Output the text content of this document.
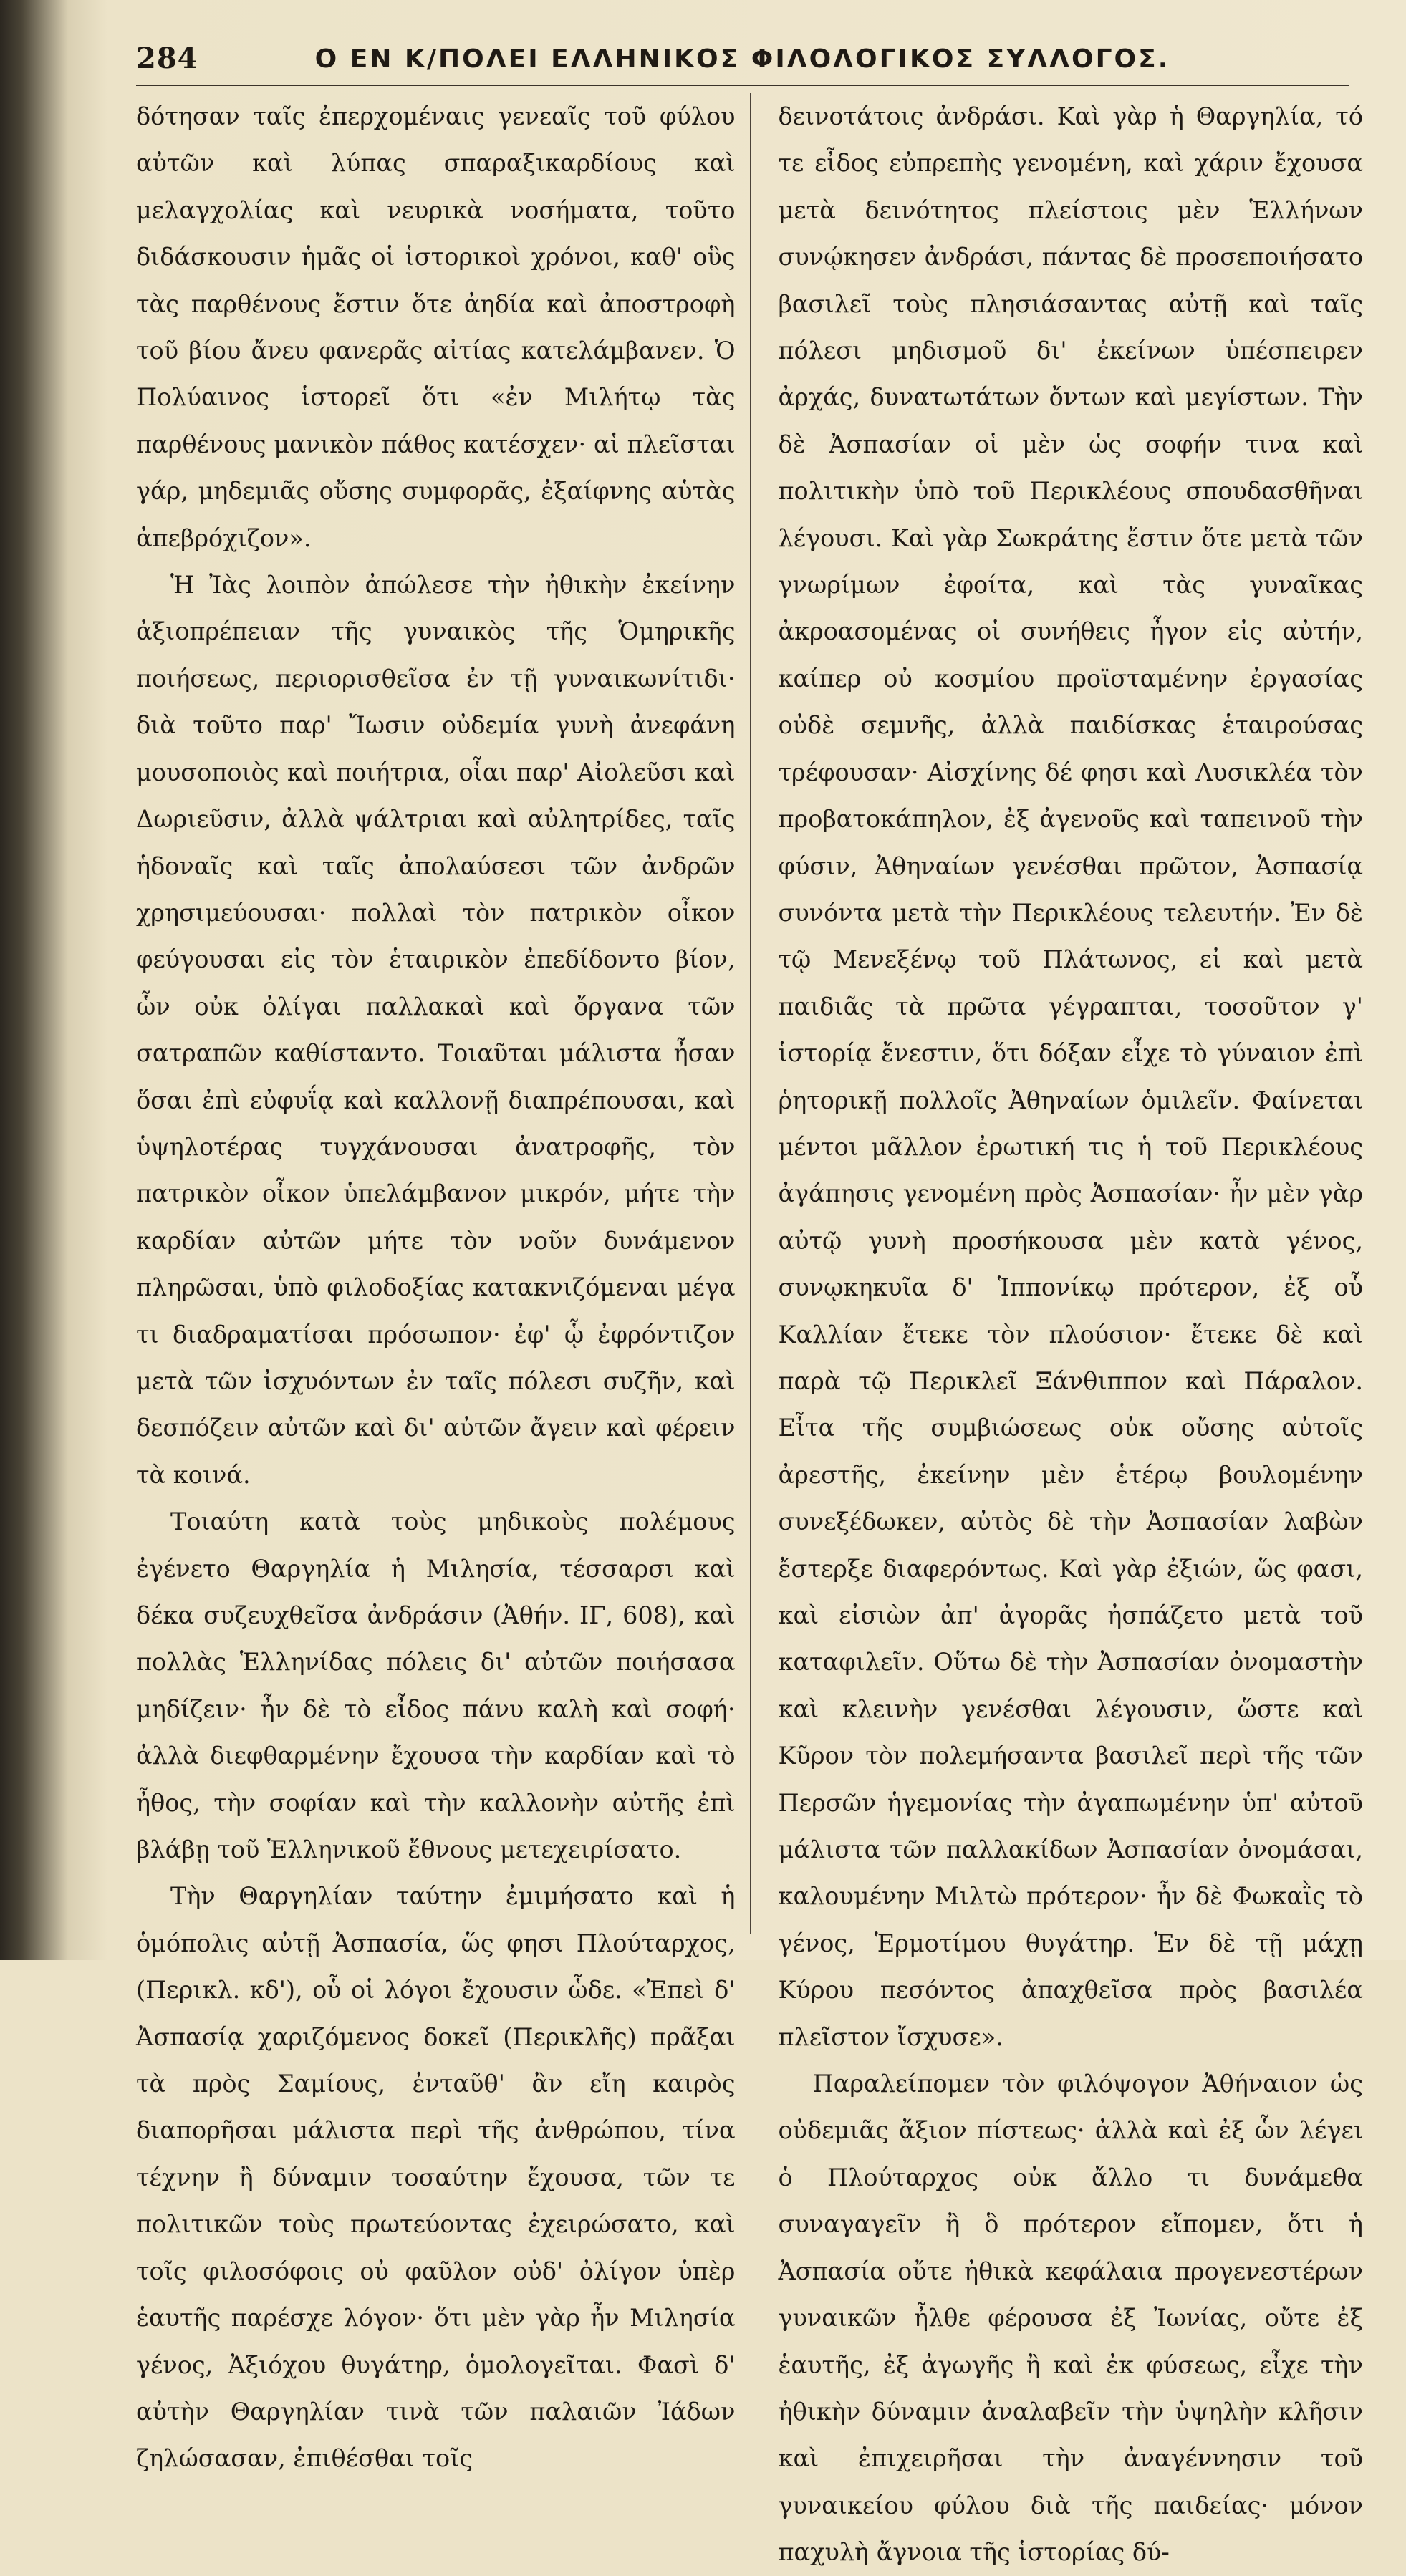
284	Ο ΕΝ Κ/ΠΟΛΕΙ ΕΛΛΗΝΙΚΟΣ ΦΙΛΟΛΟΓΙΚΟΣ ΣΥΛΛΟΓΟΣ.

δότησαν ταῖς ἐπερχομέναις γενεαῖς τοῦ φύλου αὐτῶν καὶ λύπας σπαραξικαρδίους καὶ μελαγχολίας καὶ νευρικὰ νοσήματα, τοῦτο διδάσκουσιν ἡμᾶς οἱ ἱστορικοὶ χρόνοι, καθ' οὓς τὰς παρθένους ἔστιν ὅτε ἀηδία καὶ ἀποστροφὴ τοῦ βίου ἄνευ φανερᾶς αἰτίας κατελάμβανεν. Ὁ Πολύαινος ἱστορεῖ ὅτι «ἐν Μιλήτῳ τὰς παρθένους μανικὸν πάθος κατέσχεν· αἱ πλεῖσται γάρ, μηδεμιᾶς οὔσης συμφορᾶς, ἐξαίφνης αὑτὰς ἀπεβρόχιζον».

Ἡ Ἰὰς λοιπὸν ἀπώλεσε τὴν ἠθικὴν ἐκείνην ἀξιοπρέπειαν τῆς γυναικὸς τῆς Ὁμηρικῆς ποιήσεως, περιορισθεῖσα ἐν τῇ γυναικωνίτιδι· διὰ τοῦτο παρ' Ἴωσιν οὐδεμία γυνὴ ἀνεφάνη μουσοποιὸς καὶ ποιήτρια, οἷαι παρ' Αἰολεῦσι καὶ Δωριεῦσιν, ἀλλὰ ψάλτριαι καὶ αὐλητρίδες, ταῖς ἡδοναῖς καὶ ταῖς ἀπολαύσεσι τῶν ἀνδρῶν χρησιμεύουσαι· πολλαὶ τὸν πατρικὸν οἶκον φεύγουσαι εἰς τὸν ἑταιρικὸν ἐπεδίδοντο βίον, ὧν οὐκ ὀλίγαι παλλακαὶ καὶ ὄργανα τῶν σατραπῶν καθίσταντο. Τοιαῦται μάλιστα ἦσαν ὅσαι ἐπὶ εὐφυΐᾳ καὶ καλλονῇ διαπρέπουσαι, καὶ ὑψηλοτέρας τυγχάνουσαι ἀνατροφῆς, τὸν πατρικὸν οἶκον ὑπελάμβανον μικρόν, μήτε τὴν καρδίαν αὐτῶν μήτε τὸν νοῦν δυνάμενον πληρῶσαι, ὑπὸ φιλοδοξίας κατακνιζόμεναι μέγα τι διαδραματίσαι πρόσωπον· ἐφ' ᾧ ἐφρόντιζον μετὰ τῶν ἰσχυόντων ἐν ταῖς πόλεσι συζῆν, καὶ δεσπόζειν αὐτῶν καὶ δι' αὐτῶν ἄγειν καὶ φέρειν τὰ κοινά.

Τοιαύτη κατὰ τοὺς μηδικοὺς πολέμους ἐγένετο Θαργηλία ἡ Μιλησία, τέσσαρσι καὶ δέκα συζευχθεῖσα ἀνδράσιν (Ἀθήν. ΙΓ, 608), καὶ πολλὰς Ἑλληνίδας πόλεις δι' αὐτῶν ποιήσασα μηδίζειν· ἦν δὲ τὸ εἶδος πάνυ καλὴ καὶ σοφή· ἀλλὰ διεφθαρμένην ἔχουσα τὴν καρδίαν καὶ τὸ ἦθος, τὴν σοφίαν καὶ τὴν καλλονὴν αὐτῆς ἐπὶ βλάβῃ τοῦ Ἑλληνικοῦ ἔθνους μετεχειρίσατο.

Τὴν Θαργηλίαν ταύτην ἐμιμήσατο καὶ ἡ ὁμόπολις αὐτῇ Ἀσπασία, ὥς φησι Πλούταρχος, (Περικλ. κδ'), οὗ οἱ λόγοι ἔχουσιν ὧδε. «Ἐπεὶ δ' Ἀσπασίᾳ χαριζόμενος δοκεῖ (Περικλῆς) πρᾶξαι τὰ πρὸς Σαμίους, ἐνταῦθ' ἂν εἴη καιρὸς διαπορῆσαι μάλιστα περὶ τῆς ἀνθρώπου, τίνα τέχνην ἢ δύναμιν τοσαύτην ἔχουσα, τῶν τε πολιτικῶν τοὺς πρωτεύοντας ἐχειρώσατο, καὶ τοῖς φιλοσόφοις οὐ φαῦλον οὐδ' ὀλίγον ὑπὲρ ἑαυτῆς παρέσχε λόγον· ὅτι μὲν γὰρ ἦν Μιλησία γένος, Ἀξιόχου θυγάτηρ, ὁμολογεῖται. Φασὶ δ' αὐτὴν Θαργηλίαν τινὰ τῶν παλαιῶν Ἰάδων ζηλώσασαν, ἐπιθέσθαι τοῖς

δεινοτάτοις ἀνδράσι. Καὶ γὰρ ἡ Θαργηλία, τό τε εἶδος εὐπρεπὴς γενομένη, καὶ χάριν ἔχουσα μετὰ δεινότητος πλείστοις μὲν Ἑλλήνων συνῴκησεν ἀνδράσι, πάντας δὲ προσεποιήσατο βασιλεῖ τοὺς πλησιάσαντας αὐτῇ καὶ ταῖς πόλεσι μηδισμοῦ δι' ἐκείνων ὑπέσπειρεν ἀρχάς, δυνατωτάτων ὄντων καὶ μεγίστων. Τὴν δὲ Ἀσπασίαν οἱ μὲν ὡς σοφήν τινα καὶ πολιτικὴν ὑπὸ τοῦ Περικλέους σπουδασθῆναι λέγουσι. Καὶ γὰρ Σωκράτης ἔστιν ὅτε μετὰ τῶν γνωρίμων ἐφοίτα, καὶ τὰς γυναῖκας ἀκροασομένας οἱ συνήθεις ἦγον εἰς αὐτήν, καίπερ οὐ κοσμίου προϊσταμένην ἐργασίας οὐδὲ σεμνῆς, ἀλλὰ παιδίσκας ἑταιρούσας τρέφουσαν· Αἰσχίνης δέ φησι καὶ Λυσικλέα τὸν προβατοκάπηλον, ἐξ ἀγενοῦς καὶ ταπεινοῦ τὴν φύσιν, Ἀθηναίων γενέσθαι πρῶτον, Ἀσπασίᾳ συνόντα μετὰ τὴν Περικλέους τελευτήν. Ἐν δὲ τῷ Μενεξένῳ τοῦ Πλάτωνος, εἰ καὶ μετὰ παιδιᾶς τὰ πρῶτα γέγραπται, τοσοῦτον γ' ἱστορίᾳ ἔνεστιν, ὅτι δόξαν εἶχε τὸ γύναιον ἐπὶ ῥητορικῇ πολλοῖς Ἀθηναίων ὁμιλεῖν. Φαίνεται μέντοι μᾶλλον ἐρωτική τις ἡ τοῦ Περικλέους ἀγάπησις γενομένη πρὸς Ἀσπασίαν· ἦν μὲν γὰρ αὐτῷ γυνὴ προσήκουσα μὲν κατὰ γένος, συνῳκηκυῖα δ' Ἱππονίκῳ πρότερον, ἐξ οὗ Καλλίαν ἔτεκε τὸν πλούσιον· ἔτεκε δὲ καὶ παρὰ τῷ Περικλεῖ Ξάνθιππον καὶ Πάραλον. Εἶτα τῆς συμβιώσεως οὐκ οὔσης αὐτοῖς ἀρεστῆς, ἐκείνην μὲν ἑτέρῳ βουλομένην συνεξέδωκεν, αὐτὸς δὲ τὴν Ἀσπασίαν λαβὼν ἔστερξε διαφερόντως. Καὶ γὰρ ἐξιών, ὥς φασι, καὶ εἰσιὼν ἀπ' ἀγορᾶς ἠσπάζετο μετὰ τοῦ καταφιλεῖν. Οὕτω δὲ τὴν Ἀσπασίαν ὀνομαστὴν καὶ κλεινὴν γενέσθαι λέγουσιν, ὥστε καὶ Κῦρον τὸν πολεμήσαντα βασιλεῖ περὶ τῆς τῶν Περσῶν ἡγεμονίας τὴν ἀγαπωμένην ὑπ' αὐτοῦ μάλιστα τῶν παλλακίδων Ἀσπασίαν ὀνομάσαι, καλουμένην Μιλτὼ πρότερον· ἦν δὲ Φωκαῒς τὸ γένος, Ἑρμοτίμου θυγάτηρ. Ἐν δὲ τῇ μάχῃ Κύρου πεσόντος ἀπαχθεῖσα πρὸς βασιλέα πλεῖστον ἴσχυσε».

Παραλείπομεν τὸν φιλόψογον Ἀθήναιον ὡς οὐδεμιᾶς ἄξιον πίστεως· ἀλλὰ καὶ ἐξ ὧν λέγει ὁ Πλούταρχος οὐκ ἄλλο τι δυνάμεθα συναγαγεῖν ἢ ὃ πρότερον εἴπομεν, ὅτι ἡ Ἀσπασία οὔτε ἠθικὰ κεφάλαια προγενεστέρων γυναικῶν ἦλθε φέρουσα ἐξ Ἰωνίας, οὔτε ἐξ ἑαυτῆς, ἐξ ἀγωγῆς ἢ καὶ ἐκ φύσεως, εἶχε τὴν ἠθικὴν δύναμιν ἀναλαβεῖν τὴν ὑψηλὴν κλῆσιν καὶ ἐπιχειρῆσαι τὴν ἀναγέννησιν τοῦ γυναικείου φύλου διὰ τῆς παιδείας· μόνον παχυλὴ ἄγνοια τῆς ἱστορίας δύ-
